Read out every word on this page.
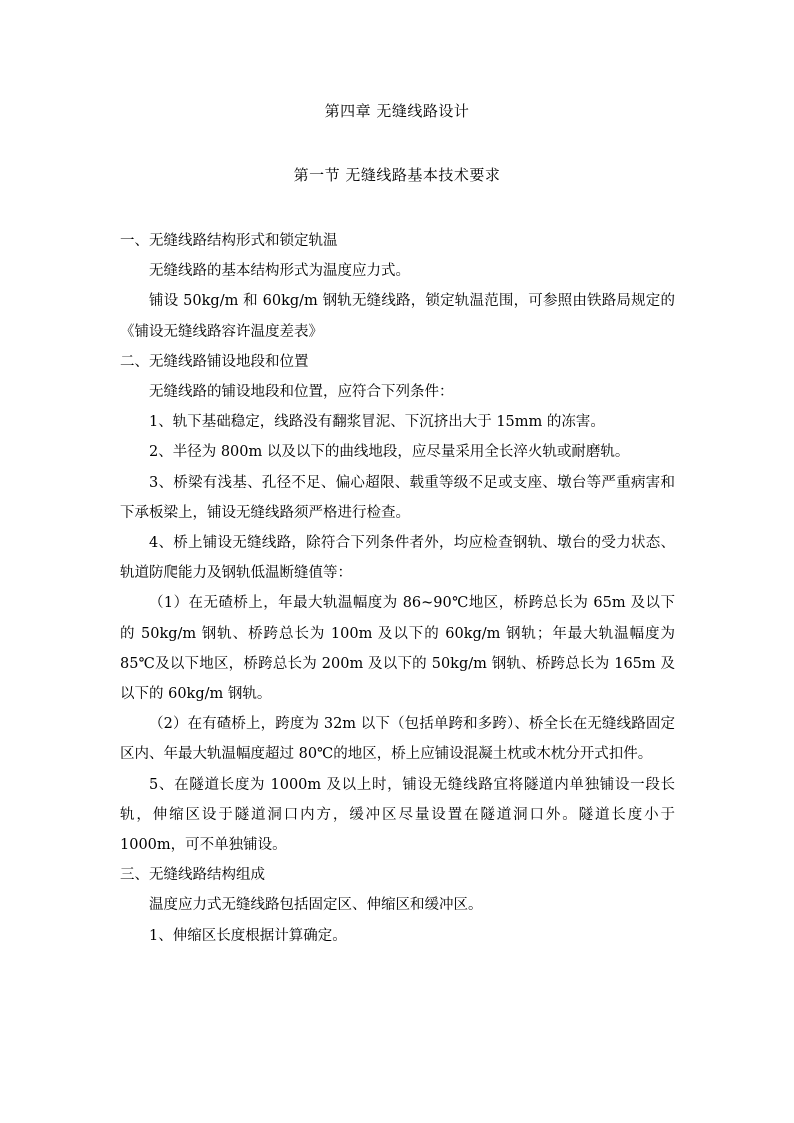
第四章 无缝线路设计
第一节 无缝线路基本技术要求

一、无缝线路结构形式和锁定轨温

无缝线路的基本结构形式为温度应力式。

铺设 50kg/m 和 60kg/m 钢轨无缝线路，锁定轨温范围，可参照由铁路局规定的《铺设无缝线路容许温度差表》

二、无缝线路铺设地段和位置

无缝线路的铺设地段和位置，应符合下列条件：

1、轨下基础稳定，线路没有翻浆冒泥、下沉挤出大于 15mm 的冻害。

2、半径为 800m 以及以下的曲线地段，应尽量采用全长淬火轨或耐磨轨。

3、桥梁有浅基、孔径不足、偏心超限、载重等级不足或支座、墩台等严重病害和下承板梁上，铺设无缝线路须严格进行检查。

4、桥上铺设无缝线路，除符合下列条件者外，均应检查钢轨、墩台的受力状态、轨道防爬能力及钢轨低温断缝值等：

（1）在无碴桥上，年最大轨温幅度为 86~90℃地区，桥跨总长为 65m 及以下的 50kg/m 钢轨、桥跨总长为 100m 及以下的 60kg/m 钢轨；年最大轨温幅度为 85℃及以下地区，桥跨总长为 200m 及以下的 50kg/m 钢轨、桥跨总长为 165m 及以下的 60kg/m 钢轨。

（2）在有碴桥上，跨度为 32m 以下（包括单跨和多跨）、桥全长在无缝线路固定区内、年最大轨温幅度超过 80℃的地区，桥上应铺设混凝土枕或木枕分开式扣件。

5、在隧道长度为 1000m 及以上时，铺设无缝线路宜将隧道内单独铺设一段长轨，伸缩区设于隧道洞口内方，缓冲区尽量设置在隧道洞口外。隧道长度小于 1000m，可不单独铺设。

三、无缝线路结构组成

温度应力式无缝线路包括固定区、伸缩区和缓冲区。

1、伸缩区长度根据计算确定。
